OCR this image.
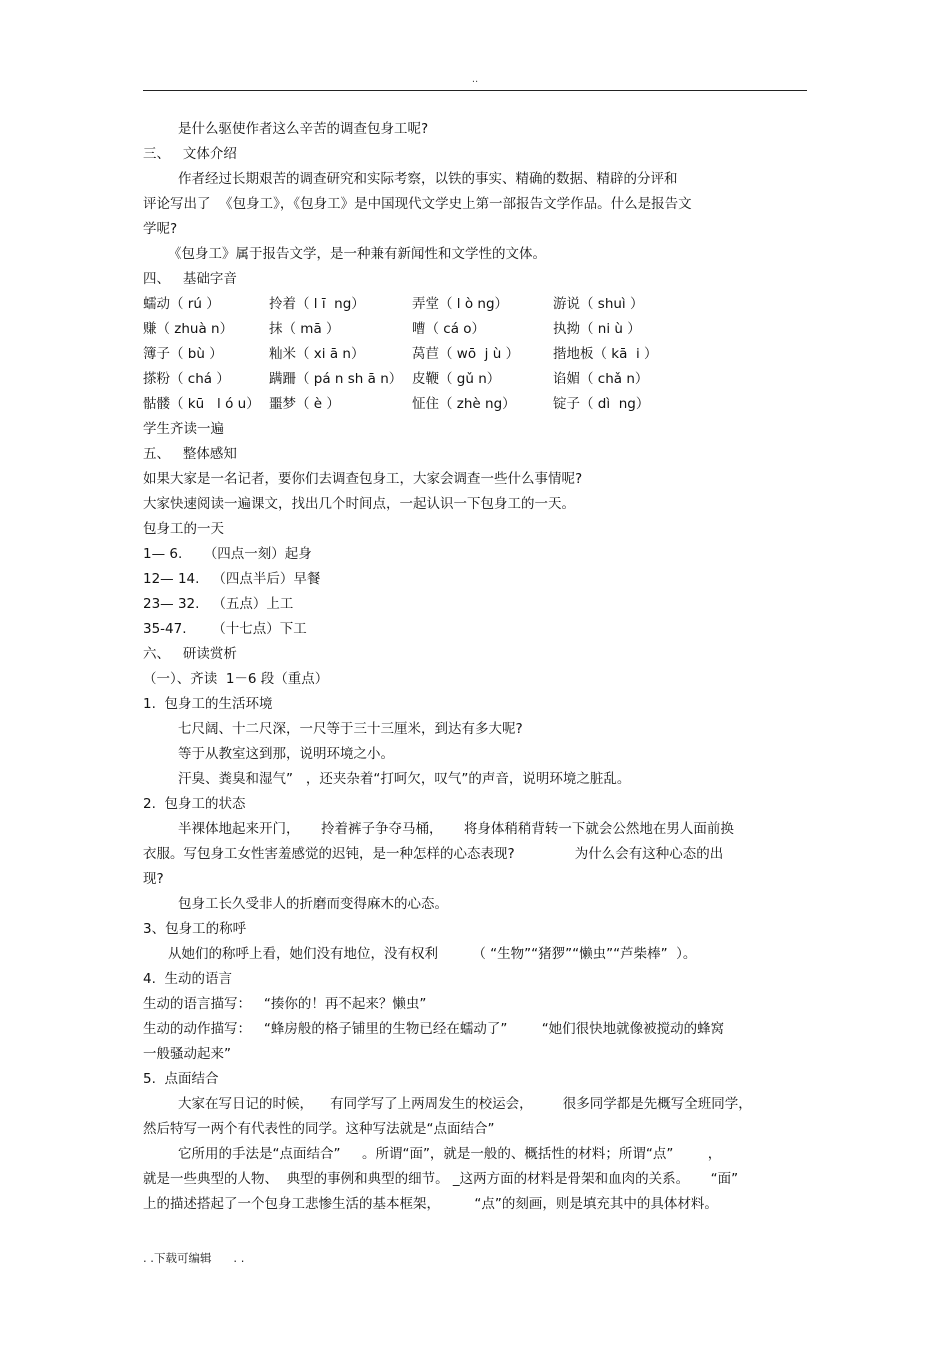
..
是什么驱使作者这么辛苦的调查包身工呢?
三、   文体介绍
作者经过长期艰苦的调查研究和实际考察，以铁的事实、精确的数据、精辟的分评和
评论写出了  《包身工》，《包身工》是中国现代文学史上第一部报告文学作品。什么是报告文
学呢?
《包身工》属于报告文学，是一种兼有新闻性和文学性的文体。
四、   基础字音
蠕动（ rú ）	拎着（ l ī  ng）	弄堂（ l ò ng）	游说（ shuì ）
赚（ zhuà n）	抹（ mā ）	嘈（ cá o）	执拗（ ni ù ）
簿子（ bù ）	籼米（ xi ā n）	莴苣（ wō  j ù ）	揩地板（ kā  i ）
搽粉（ chá ）	蹒跚（ pá n sh ā n） 皮鞭（ gǔ n）	谄媚（ chǎ n）
骷髅（ kū   l ó u） 噩梦（ è ）	怔住（ zhè ng）	锭子（ dì  ng）
学生齐读一遍
五、   整体感知
如果大家是一名记者，要你们去调查包身工，大家会调查一些什么事情呢?
大家快速阅读一遍课文，找出几个时间点，一起认识一下包身工的一天。
包身工的一天
1— 6.     （四点一刻）起身
12— 14.   （四点半后）早餐
23— 32.   （五点）上工
35-47.      （十七点）下工
六、   研读赏析
（一）、齐读  1－6 段（重点）
1.  包身工的生活环境
七尺阔、十二尺深，一尺等于三十三厘米，到达有多大呢?
等于从教室这到那，说明环境之小。
汗臭、粪臭和湿气”   ，还夹杂着“打呵欠，叹气”的声音，说明环境之脏乱。
2.  包身工的状态
半裸体地起来开门，     拎着裤子争夺马桶，     将身体稍稍背转一下就会公然地在男人面前换
衣服。写包身工女性害羞感觉的迟钝，是一种怎样的心态表现?              为什么会有这种心态的出
现?
包身工长久受非人的折磨而变得麻木的心态。
3、包身工的称呼
从她们的称呼上看，她们没有地位，没有权利        （ “生物”“猪猡”“懒虫”“芦柴棒”  ）。
4.  生动的语言
生动的语言描写：   “揍你的！再不起来？懒虫”
生动的动作描写：   “蜂房般的格子铺里的生物已经在蠕动了”        “她们很快地就像被搅动的蜂窝
一般骚动起来”
5.  点面结合
大家在写日记的时候，    有同学写了上两周发生的校运会，       很多同学都是先概写全班同学，
然后特写一两个有代表性的同学。这种写法就是“点面结合”
它所用的手法是“点面结合”     。所谓“面”，就是一般的、概括性的材料；所谓“点”        ，
就是一些典型的人物、  典型的事例和典型的细节。 _这两方面的材料是骨架和血肉的关系。     “面”
上的描述搭起了一个包身工悲惨生活的基本框架，        “点”的刻画，则是填充其中的具体材料。
. .下载可编辑      . .
